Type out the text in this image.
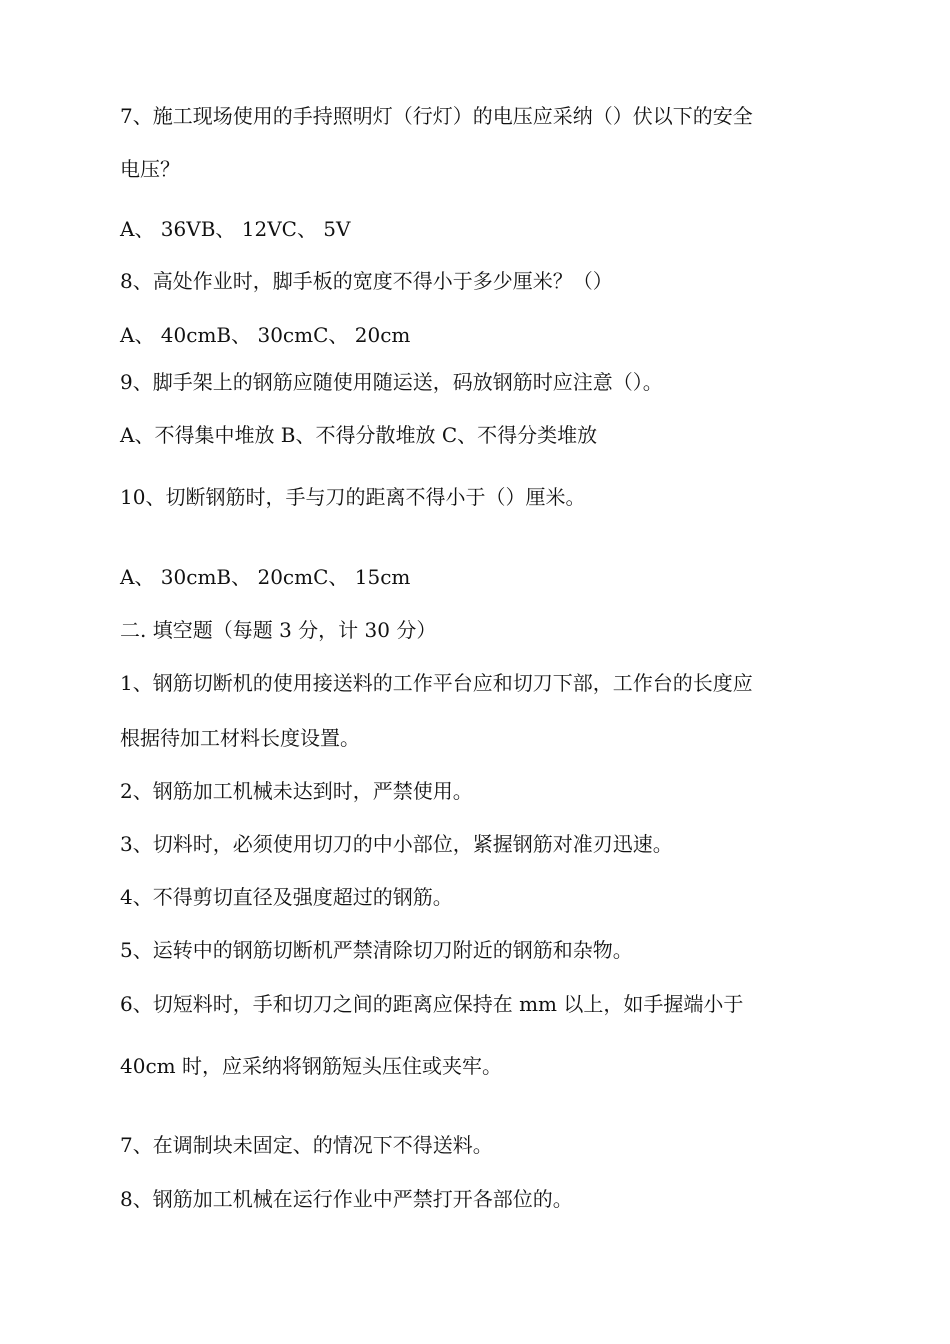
7、施工现场使用的手持照明灯（行灯）的电压应采纳（）伏以下的安全
电压？
A、 36VB、 12VC、 5V
8、高处作业时，脚手板的宽度不得小于多少厘米？（）
A、 40cmB、 30cmC、 20cm
9、脚手架上的钢筋应随使用随运送，码放钢筋时应注意（）。
A、不得集中堆放 B、不得分散堆放 C、不得分类堆放
10、切断钢筋时，手与刀的距离不得小于（）厘米。
A、 30cmB、 20cmC、 15cm
二. 填空题（每题 3 分，计 30 分）
1、钢筋切断机的使用接送料的工作平台应和切刀下部，工作台的长度应
根据待加工材料长度设置。
2、钢筋加工机械未达到时，严禁使用。
3、切料时，必须使用切刀的中小部位，紧握钢筋对准刃迅速。
4、不得剪切直径及强度超过的钢筋。
5、运转中的钢筋切断机严禁清除切刀附近的钢筋和杂物。
6、切短料时，手和切刀之间的距离应保持在 mm 以上，如手握端小于
40cm 时，应采纳将钢筋短头压住或夹牢。
7、在调制块未固定、的情况下不得送料。
8、钢筋加工机械在运行作业中严禁打开各部位的。
